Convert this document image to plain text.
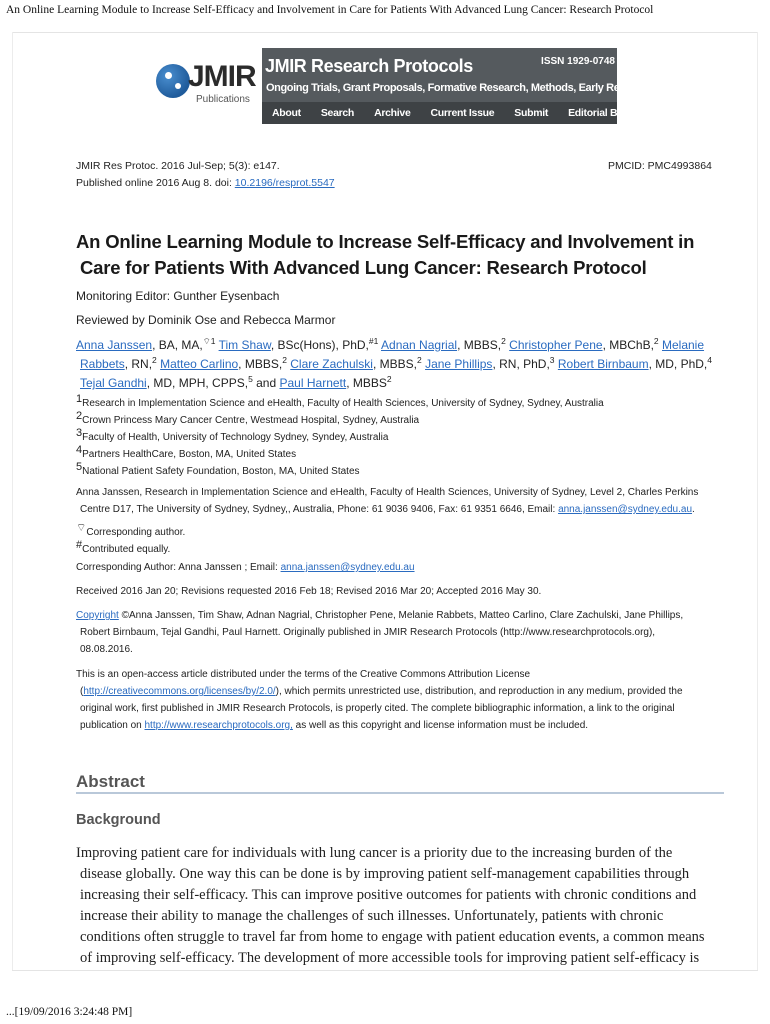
An Online Learning Module to Increase Self-Efficacy and Involvement in Care for Patients With Advanced Lung Cancer: Research Protocol
JMIR
Publications
JMIR Research Protocols	ISSN 1929-0748
Ongoing Trials, Grant Proposals, Formative Research, Methods, Early Results
About Search Archive Current Issue Submit Editorial Board
JMIR Res Protoc. 2016 Jul-Sep; 5(3): e147.	PMCID: PMC4993864
Published online 2016 Aug 8. doi: 10.2196/resprot.5547
An Online Learning Module to Increase Self-Efficacy and Involvement in
Care for Patients With Advanced Lung Cancer: Research Protocol
Monitoring Editor: Gunther Eysenbach
Reviewed by Dominik Ose and Rebecca Marmor
Anna Janssen, BA, MA,$^{⌔1}$ Tim Shaw, BSc(Hons), PhD,$^{\#1}$ Adnan Nagrial, MBBS,$^2$ Christopher Pene, MBChB,$^2$ Melanie
Rabbets, RN,$^2$ Matteo Carlino, MBBS,$^2$ Clare Zachulski, MBBS,$^2$ Jane Phillips, RN, PhD,$^3$ Robert Birnbaum, MD, PhD,$^4$
Tejal Gandhi, MD, MPH, CPPS,$^5$ and Paul Harnett, MBBS$^2$
$^1$Research in Implementation Science and eHealth, Faculty of Health Sciences, University of Sydney, Sydney, Australia
$^2$Crown Princess Mary Cancer Centre, Westmead Hospital, Sydney, Australia
$^3$Faculty of Health, University of Technology Sydney, Syndey, Australia
$^4$Partners HealthCare, Boston, MA, United States
$^5$National Patient Safety Foundation, Boston, MA, United States
Anna Janssen, Research in Implementation Science and eHealth, Faculty of Health Sciences, University of Sydney, Level 2, Charles Perkins
Centre D17, The University of Sydney, Sydney,, Australia, Phone: 61 9036 9406, Fax: 61 9351 6646, Email: anna.janssen@sydney.edu.au.
⌔Corresponding author.
#Contributed equally.
Corresponding Author: Anna Janssen ; Email: anna.janssen@sydney.edu.au
Received 2016 Jan 20; Revisions requested 2016 Feb 18; Revised 2016 Mar 20; Accepted 2016 May 30.
Copyright ©Anna Janssen, Tim Shaw, Adnan Nagrial, Christopher Pene, Melanie Rabbets, Matteo Carlino, Clare Zachulski, Jane Phillips,
Robert Birnbaum, Tejal Gandhi, Paul Harnett. Originally published in JMIR Research Protocols (http://www.researchprotocols.org),
08.08.2016.
This is an open-access article distributed under the terms of the Creative Commons Attribution License
(http://creativecommons.org/licenses/by/2.0/), which permits unrestricted use, distribution, and reproduction in any medium, provided the
original work, first published in JMIR Research Protocols, is properly cited. The complete bibliographic information, a link to the original
publication on http://www.researchprotocols.org, as well as this copyright and license information must be included.
Abstract
Background
Improving patient care for individuals with lung cancer is a priority due to the increasing burden of the
disease globally. One way this can be done is by improving patient self-management capabilities through
increasing their self-efficacy. This can improve positive outcomes for patients with chronic conditions and
increase their ability to manage the challenges of such illnesses. Unfortunately, patients with chronic
conditions often struggle to travel far from home to engage with patient education events, a common means
of improving self-efficacy. The development of more accessible tools for improving patient self-efficacy is
...[19/09/2016 3:24:48 PM]
